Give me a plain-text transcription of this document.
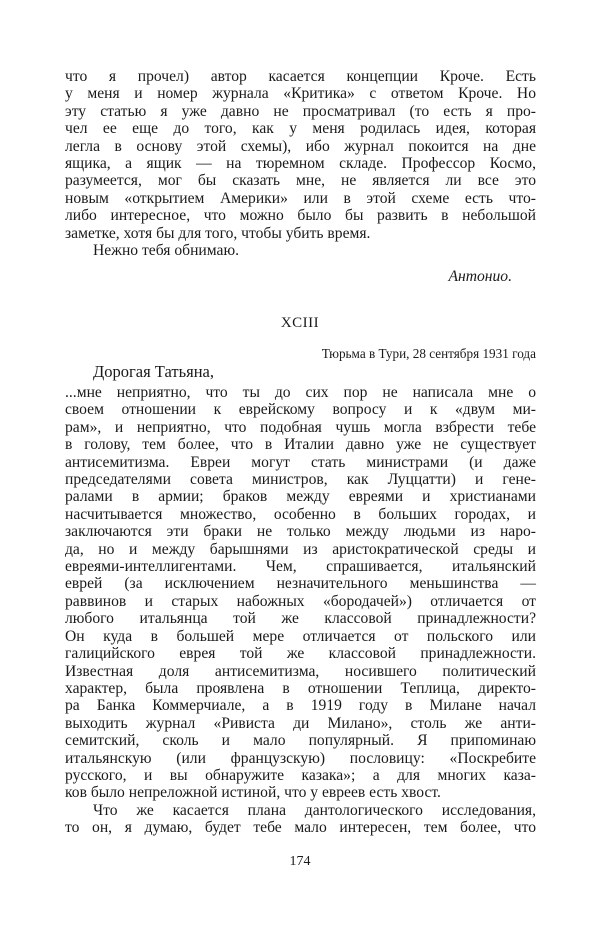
что я прочел) автор касается концепции Кроче. Есть
у меня и номер журнала «Критика» с ответом Кроче. Но
эту статью я уже давно не просматривал (то есть я про-
чел ее еще до того, как у меня родилась идея, которая
легла в основу этой схемы), ибо журнал покоится на дне
ящика, а ящик — на тюремном складе. Профессор Космо,
разумеется, мог бы сказать мне, не является ли все это
новым «открытием Америки» или в этой схеме есть что-
либо интересное, что можно было бы развить в небольшой
заметке, хотя бы для того, чтобы убить время.
Нежно тебя обнимаю.
Антонио.
XCIII
Тюрьма в Тури, 28 сентября 1931 года
Дорогая Татьяна,
...мне неприятно, что ты до сих пор не написала мне о
своем отношении к еврейскому вопросу и к «двум ми-
рам», и неприятно, что подобная чушь могла взбрести тебе
в голову, тем более, что в Италии давно уже не существует
антисемитизма. Евреи могут стать министрами (и даже
председателями совета министров, как Луццатти) и гене-
ралами в армии; браков между евреями и христианами
насчитывается множество, особенно в больших городах, и
заключаются эти браки не только между людьми из наро-
да, но и между барышнями из аристократической среды и
евреями-интеллигентами. Чем, спрашивается, итальянский
еврей (за исключением незначительного меньшинства —
раввинов и старых набожных «бородачей») отличается от
любого итальянца той же классовой принадлежности?
Он куда в большей мере отличается от польского или
галицийского еврея той же классовой принадлежности.
Известная доля антисемитизма, носившего политический
характер, была проявлена в отношении Теплица, директо-
ра Банка Коммерчиале, а в 1919 году в Милане начал
выходить журнал «Ривиста ди Милано», столь же анти-
семитский, сколь и мало популярный. Я припоминаю
итальянскую (или французскую) пословицу: «Поскребите
русского, и вы обнаружите казака»; а для многих каза-
ков было непреложной истиной, что у евреев есть хвост.
Что же касается плана дантологического исследования,
то он, я думаю, будет тебе мало интересен, тем более, что
174
